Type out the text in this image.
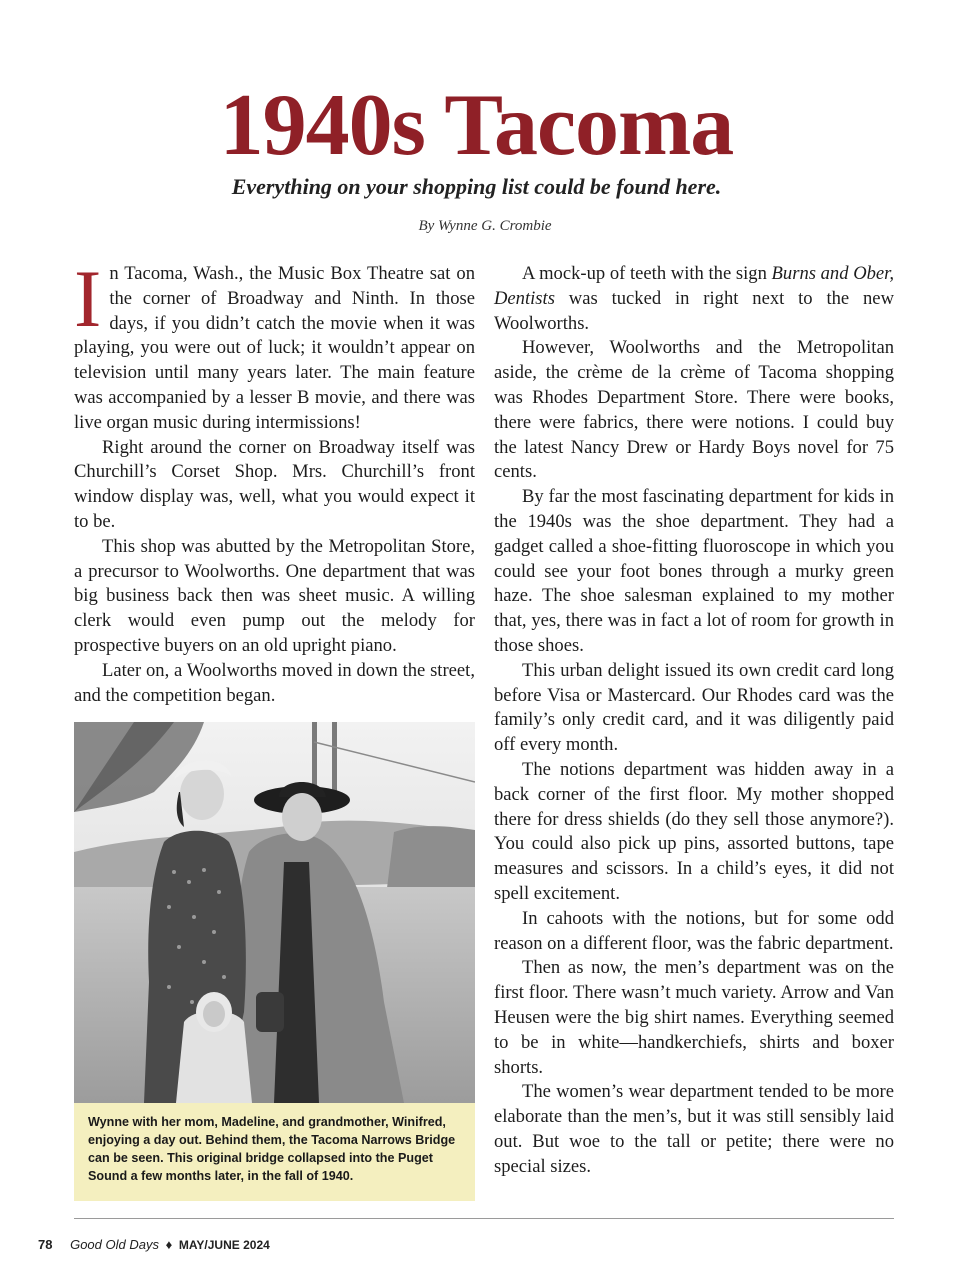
1940s Tacoma
Everything on your shopping list could be found here.
By Wynne G. Crombie

In Tacoma, Wash., the Music Box Theatre sat on the corner of Broadway and Ninth. In those days, if you didn’t catch the movie when it was playing, you were out of luck; it wouldn’t appear on television until many years later. The main feature was accompanied by a lesser B movie, and there was live organ music during intermissions!

Right around the corner on Broadway itself was Churchill’s Corset Shop. Mrs. Churchill’s front window display was, well, what you would expect it to be.

This shop was abutted by the Metropolitan Store, a precursor to Woolworths. One department that was big business back then was sheet music. A willing clerk would even pump out the melody for prospective buyers on an old upright piano.

Later on, a Woolworths moved in down the street, and the competition began.

Wynne with her mom, Madeline, and grandmother, Winifred, enjoying a day out. Behind them, the Tacoma Narrows Bridge can be seen. This original bridge collapsed into the Puget Sound a few months later, in the fall of 1940.

A mock-up of teeth with the sign Burns and Ober, Dentists was tucked in right next to the new Woolworths.

However, Woolworths and the Metropolitan aside, the crème de la crème of Tacoma shopping was Rhodes Department Store. There were books, there were fabrics, there were notions. I could buy the latest Nancy Drew or Hardy Boys novel for 75 cents.

By far the most fascinating department for kids in the 1940s was the shoe department. They had a gadget called a shoe-fitting fluoroscope in which you could see your foot bones through a murky green haze. The shoe salesman explained to my mother that, yes, there was in fact a lot of room for growth in those shoes.

This urban delight issued its own credit card long before Visa or Mastercard. Our Rhodes card was the family’s only credit card, and it was diligently paid off every month.

The notions department was hidden away in a back corner of the first floor. My mother shopped there for dress shields (do they sell those anymore?). You could also pick up pins, assorted buttons, tape measures and scissors. In a child’s eyes, it did not spell excitement.

In cahoots with the notions, but for some odd reason on a different floor, was the fabric department.

Then as now, the men’s department was on the first floor. There wasn’t much variety. Arrow and Van Heusen were the big shirt names. Everything seemed to be in white—handkerchiefs, shirts and boxer shorts.

The women’s wear department tended to be more elaborate than the men’s, but it was still sensibly laid out. But woe to the tall or petite; there were no special sizes.

78 Good Old Days ♦ MAY/JUNE 2024
